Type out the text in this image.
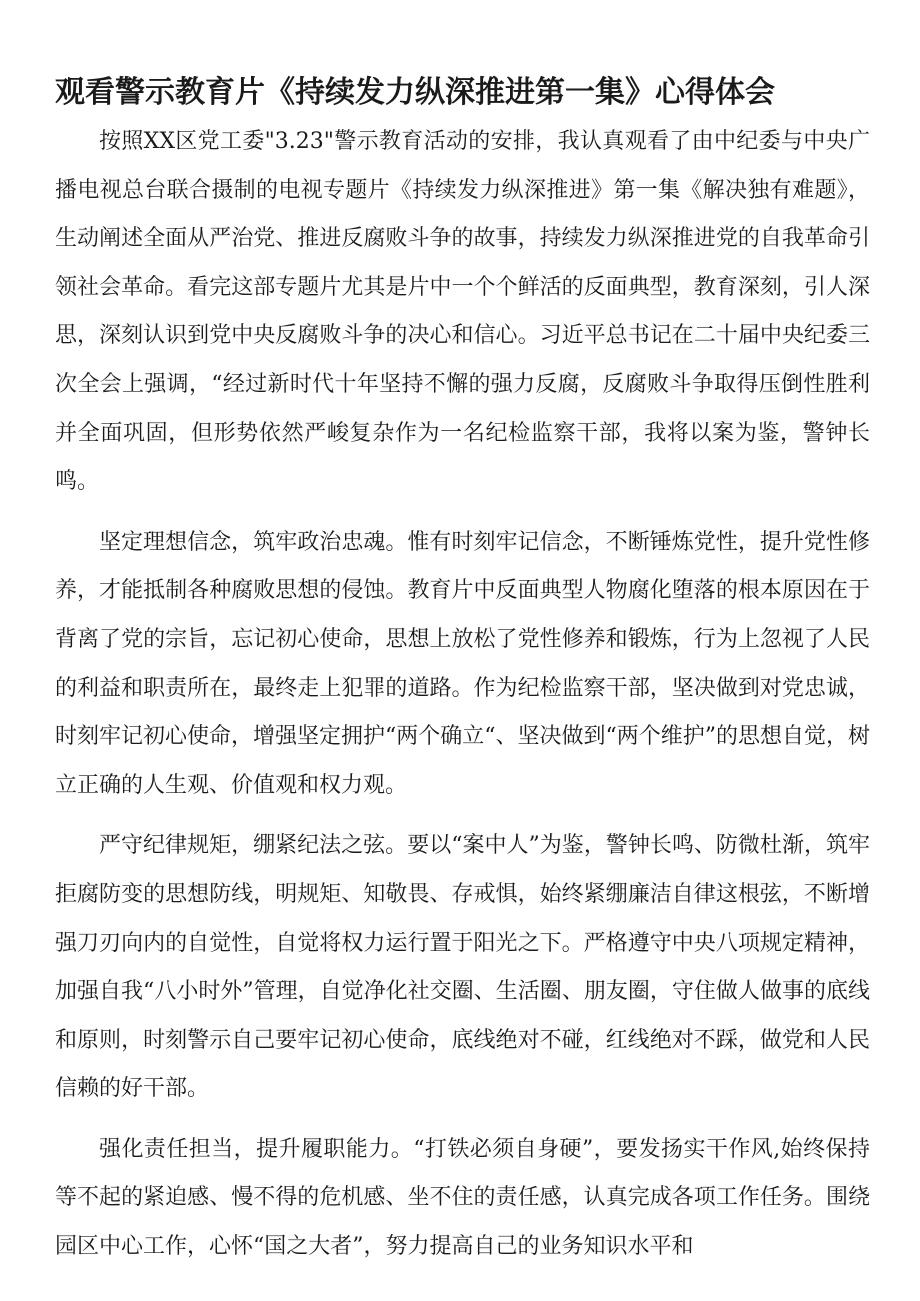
观看警示教育片《持续发力纵深推进第一集》心得体会

按照XX区党工委"3.23"警示教育活动的安排，我认真观看了由中纪委与中央广播电视总台联合摄制的电视专题片《持续发力纵深推进》第一集《解决独有难题》，生动阐述全面从严治党、推进反腐败斗争的故事，持续发力纵深推进党的自我革命引领社会革命。看完这部专题片尤其是片中一个个鲜活的反面典型，教育深刻，引人深思，深刻认识到党中央反腐败斗争的决心和信心。习近平总书记在二十届中央纪委三次全会上强调，“经过新时代十年坚持不懈的强力反腐，反腐败斗争取得压倒性胜利并全面巩固，但形势依然严峻复杂作为一名纪检监察干部，我将以案为鉴，警钟长鸣。

坚定理想信念，筑牢政治忠魂。惟有时刻牢记信念，不断锤炼党性，提升党性修养，才能抵制各种腐败思想的侵蚀。教育片中反面典型人物腐化堕落的根本原因在于背离了党的宗旨，忘记初心使命，思想上放松了党性修养和锻炼，行为上忽视了人民的利益和职责所在，最终走上犯罪的道路。作为纪检监察干部，坚决做到对党忠诚，时刻牢记初心使命，增强坚定拥护“两个确立“、坚决做到“两个维护”的思想自觉，树立正确的人生观、价值观和权力观。

严守纪律规矩，绷紧纪法之弦。要以“案中人”为鉴，警钟长鸣、防微杜渐，筑牢拒腐防变的思想防线，明规矩、知敬畏、存戒惧，始终紧绷廉洁自律这根弦，不断增强刀刃向内的自觉性，自觉将权力运行置于阳光之下。严格遵守中央八项规定精神，加强自我“八小时外”管理，自觉净化社交圈、生活圈、朋友圈，守住做人做事的底线和原则，时刻警示自己要牢记初心使命，底线绝对不碰，红线绝对不踩，做党和人民信赖的好干部。

强化责任担当，提升履职能力。“打铁必须自身硬”，要发扬实干作风,始终保持等不起的紧迫感、慢不得的危机感、坐不住的责任感，认真完成各项工作任务。围绕园区中心工作，心怀“国之大者”，努力提高自己的业务知识水平和
